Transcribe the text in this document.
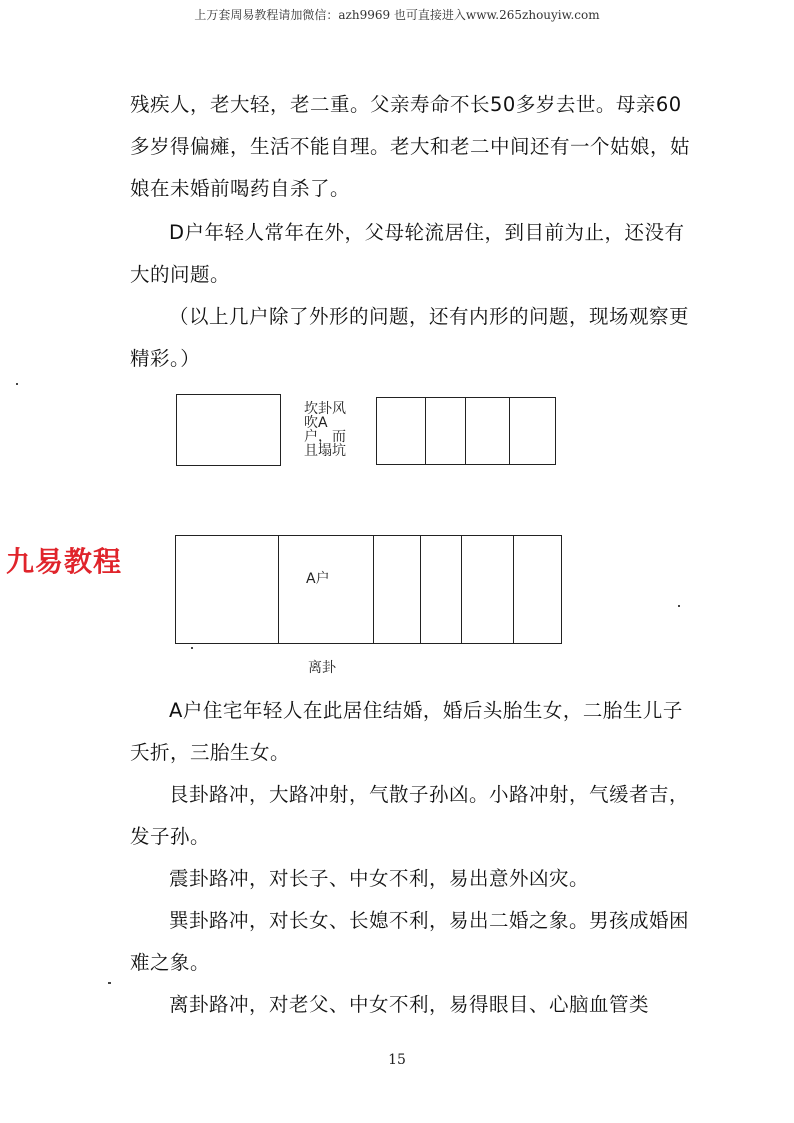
上万套周易教程请加微信：azh9969 也可直接进入www.265zhouyiw.com

残疾人，老大轻，老二重。父亲寿命不长50多岁去世。母亲60多岁得偏瘫，生活不能自理。老大和老二中间还有一个姑娘，姑娘在未婚前喝药自杀了。

D户年轻人常年在外，父母轮流居住，到目前为止，还没有大的问题。

（以上几户除了外形的问题，还有内形的问题，现场观察更精彩。）

坎卦风吹A户，而且塌坑
A户
离卦
九易教程

A户住宅年轻人在此居住结婚，婚后头胎生女，二胎生儿子夭折，三胎生女。

艮卦路冲，大路冲射，气散子孙凶。小路冲射，气缓者吉，发子孙。

震卦路冲，对长子、中女不利，易出意外凶灾。

巽卦路冲，对长女、长媳不利，易出二婚之象。男孩成婚困难之象。

离卦路冲，对老父、中女不利，易得眼目、心脑血管类

15
